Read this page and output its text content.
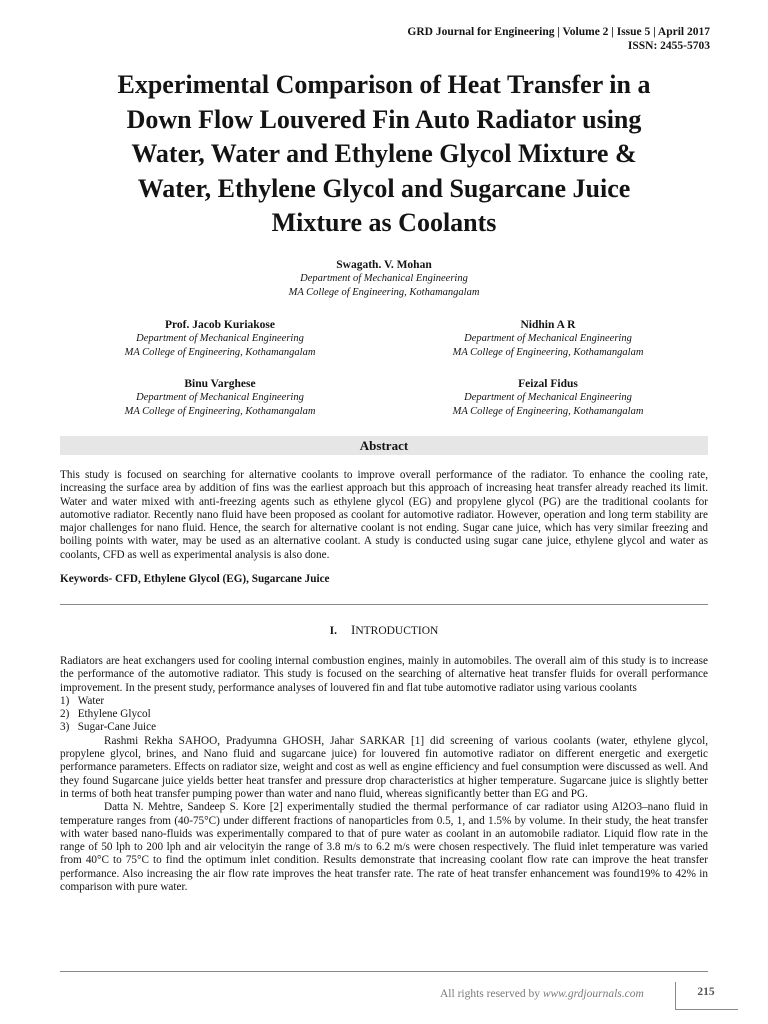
GRD Journal for Engineering | Volume 2 | Issue 5 | April 2017
ISSN: 2455-5703
Experimental Comparison of Heat Transfer in a
Down Flow Louvered Fin Auto Radiator using
Water, Water and Ethylene Glycol Mixture &
Water, Ethylene Glycol and Sugarcane Juice
Mixture as Coolants
Swagath. V. Mohan
Department of Mechanical Engineering
MA College of Engineering, Kothamangalam
Prof. Jacob Kuriakose
Department of Mechanical Engineering
MA College of Engineering, Kothamangalam
Nidhin A R
Department of Mechanical Engineering
MA College of Engineering, Kothamangalam
Binu Varghese
Department of Mechanical Engineering
MA College of Engineering, Kothamangalam
Feizal Fidus
Department of Mechanical Engineering
MA College of Engineering, Kothamangalam
Abstract

This study is focused on searching for alternative coolants to improve overall performance of the radiator. To enhance the cooling rate, increasing the surface area by addition of fins was the earliest approach but this approach of increasing heat transfer already reached its limit. Water and water mixed with anti-freezing agents such as ethylene glycol (EG) and propylene glycol (PG) are the traditional coolants for automotive radiator. Recently nano fluid have been proposed as coolant for automotive radiator. However, operation and long term stability are major challenges for nano fluid. Hence, the search for alternative coolant is not ending. Sugar cane juice, which has very similar freezing and boiling points with water, may be used as an alternative coolant. A study is conducted using sugar cane juice, ethylene glycol and water as coolants, CFD as well as experimental analysis is also done.

Keywords- CFD, Ethylene Glycol (EG), Sugarcane Juice
I. INTRODUCTION

Radiators are heat exchangers used for cooling internal combustion engines, mainly in automobiles. The overall aim of this study is to increase the performance of the automotive radiator. This study is focused on the searching of alternative heat transfer fluids for overall performance improvement. In the present study, performance analyses of louvered fin and flat tube automotive radiator using various coolants

1)   Water
2)   Ethylene Glycol
3)   Sugar-Cane Juice

Rashmi Rekha SAHOO, Pradyumna GHOSH, Jahar SARKAR [1] did screening of various coolants (water, ethylene glycol, propylene glycol, brines, and Nano fluid and sugarcane juice) for louvered fin automotive radiator on different energetic and exergetic performance parameters. Effects on radiator size, weight and cost as well as engine efficiency and fuel consumption were discussed as well. And they found Sugarcane juice yields better heat transfer and pressure drop characteristics at higher temperature. Sugarcane juice is slightly better in terms of both heat transfer pumping power than water and nano fluid, whereas significantly better than EG and PG.

Datta N. Mehtre, Sandeep S. Kore [2] experimentally studied the thermal performance of car radiator using Al2O3–nano fluid in temperature ranges from (40-75°C) under different fractions of nanoparticles from 0.5, 1, and 1.5% by volume. In their study, the heat transfer with water based nano-fluids was experimentally compared to that of pure water as coolant in an automobile radiator. Liquid flow rate in the range of 50 lph to 200 lph and air velocityin the range of 3.8 m/s to 6.2 m/s were chosen respectively. The fluid inlet temperature was varied from 40°C to 75°C to find the optimum inlet condition. Results demonstrate that increasing coolant flow rate can improve the heat transfer performance. Also increasing the air flow rate improves the heat transfer rate. The rate of heat transfer enhancement was found19% to 42% in comparison with pure water.

All rights reserved by www.grdjournals.com	215
